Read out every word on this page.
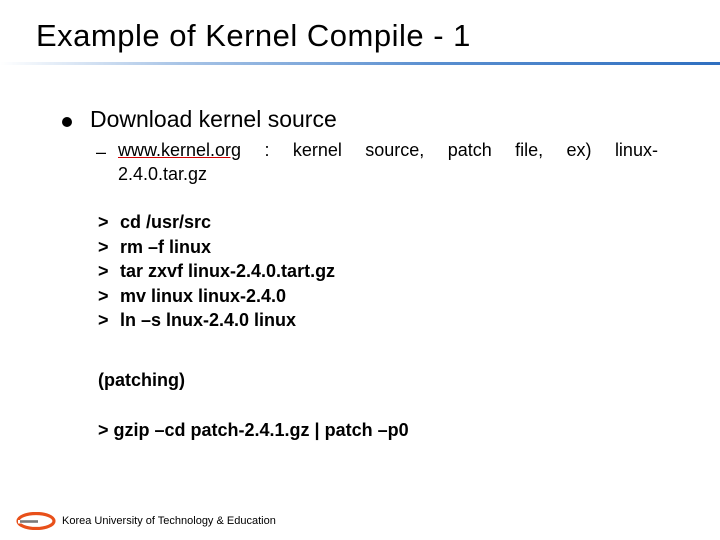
Example of Kernel Compile - 1
Download kernel source
– www.kernel.org : kernel source, patch file, ex) linux-
2.4.0.tar.gz
> cd /usr/src
> rm –f linux
> tar zxvf linux-2.4.0.tart.gz
> mv linux linux-2.4.0
> ln –s lnux-2.4.0 linux
(patching)
> gzip –cd patch-2.4.1.gz | patch –p0
Korea University of Technology & Education
